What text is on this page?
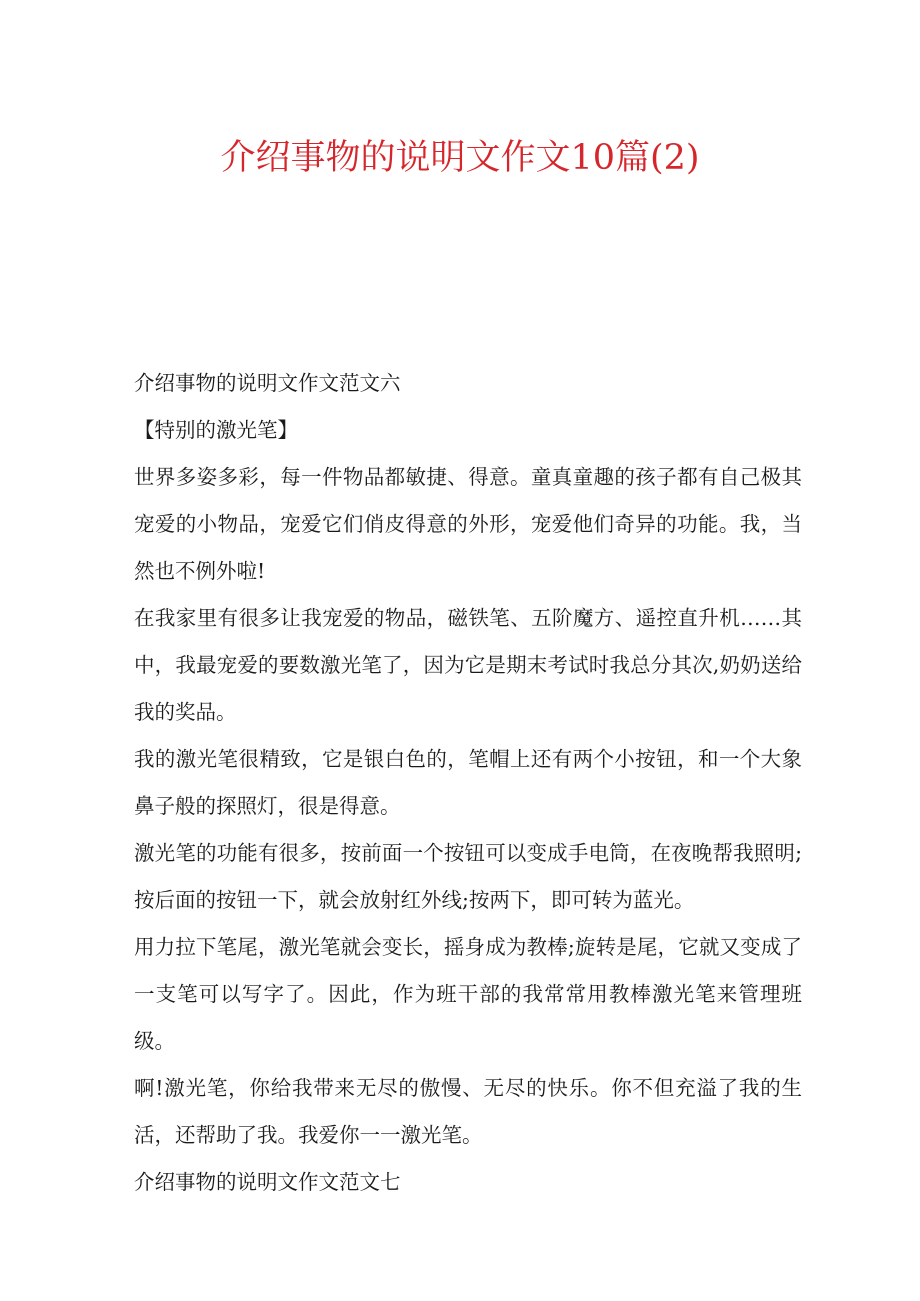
介绍事物的说明文作文10篇(2)

介绍事物的说明文作文范文六

【特别的激光笔】

世界多姿多彩，每一件物品都敏捷、得意。童真童趣的孩子都有自己极其宠爱的小物品，宠爱它们俏皮得意的外形，宠爱他们奇异的功能。我，当然也不例外啦!

在我家里有很多让我宠爱的物品，磁铁笔、五阶魔方、遥控直升机……其中，我最宠爱的要数激光笔了，因为它是期末考试时我总分其次,奶奶送给我的奖品。

我的激光笔很精致，它是银白色的，笔帽上还有两个小按钮，和一个大象鼻子般的探照灯，很是得意。

激光笔的功能有很多，按前面一个按钮可以变成手电筒，在夜晚帮我照明;按后面的按钮一下，就会放射红外线;按两下，即可转为蓝光。

用力拉下笔尾，激光笔就会变长，摇身成为教棒;旋转是尾，它就又变成了一支笔可以写字了。因此，作为班干部的我常常用教棒激光笔来管理班级。

啊!激光笔，你给我带来无尽的傲慢、无尽的快乐。你不但充溢了我的生活，还帮助了我。我爱你一一激光笔。

介绍事物的说明文作文范文七
